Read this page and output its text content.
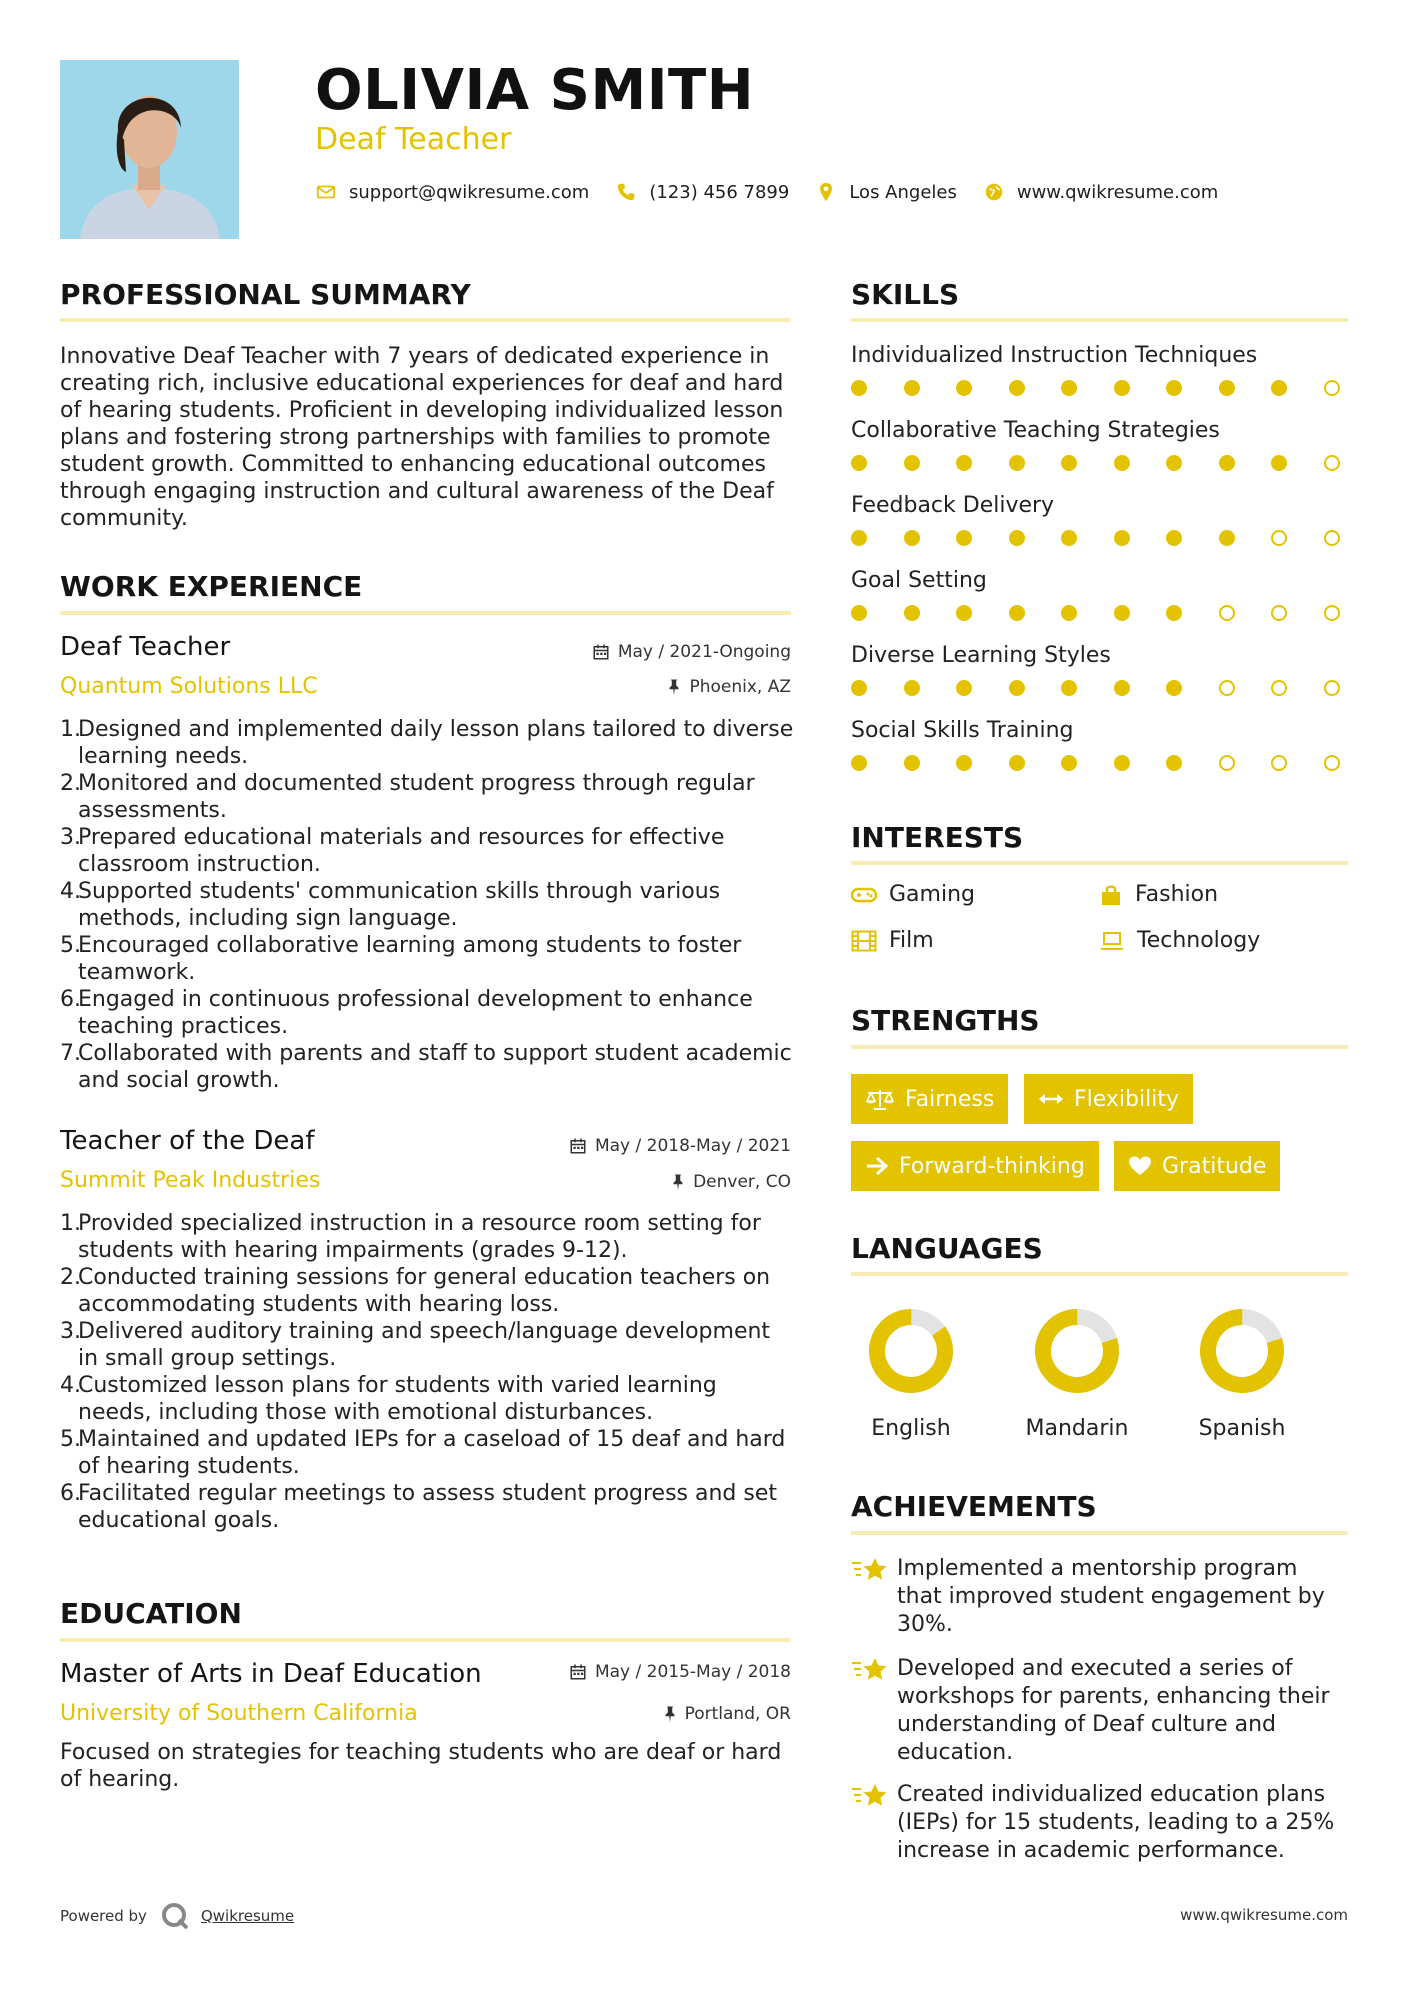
OLIVIA SMITH
Deaf Teacher
support@qwikresume.com	(123) 456 7899	Los Angeles	www.qwikresume.com
PROFESSIONAL SUMMARY
Innovative Deaf Teacher with 7 years of dedicated experience in creating rich, inclusive educational experiences for deaf and hard of hearing students. Proficient in developing individualized lesson plans and fostering strong partnerships with families to promote student growth. Committed to enhancing educational outcomes through engaging instruction and cultural awareness of the Deaf community.
WORK EXPERIENCE
Deaf Teacher	May / 2021-Ongoing
Quantum Solutions LLC	Phoenix, AZ
1.
Designed and implemented daily lesson plans tailored to diverse learning needs.
2.
Monitored and documented student progress through regular assessments.
3.
Prepared educational materials and resources for effective classroom instruction.
4.
Supported students' communication skills through various methods, including sign language.
5.
Encouraged collaborative learning among students to foster teamwork.
6.
Engaged in continuous professional development to enhance teaching practices.
7.
Collaborated with parents and staff to support student academic and social growth.
Teacher of the Deaf	May / 2018-May / 2021
Summit Peak Industries	Denver, CO
1.
Provided specialized instruction in a resource room setting for students with hearing impairments (grades 9-12).
2.
Conducted training sessions for general education teachers on accommodating students with hearing loss.
3.
Delivered auditory training and speech/language development in small group settings.
4.
Customized lesson plans for students with varied learning needs, including those with emotional disturbances.
5.
Maintained and updated IEPs for a caseload of 15 deaf and hard of hearing students.
6.
Facilitated regular meetings to assess student progress and set educational goals.
EDUCATION
Master of Arts in Deaf Education	May / 2015-May / 2018
University of Southern California	Portland, OR
Focused on strategies for teaching students who are deaf or hard of hearing.
SKILLS
Individualized Instruction Techniques
Collaborative Teaching Strategies
Feedback Delivery
Goal Setting
Diverse Learning Styles
Social Skills Training
INTERESTS
Gaming	Fashion
Film	Technology
STRENGTHS
Fairness	Flexibility
Forward-thinking	Gratitude
LANGUAGES
English	Mandarin	Spanish
ACHIEVEMENTS
Implemented a mentorship program that improved student engagement by 30%.
Developed and executed a series of workshops for parents, enhancing their understanding of Deaf culture and education.
Created individualized education plans (IEPs) for 15 students, leading to a 25% increase in academic performance.
Powered by	Qwikresume	www.qwikresume.com
